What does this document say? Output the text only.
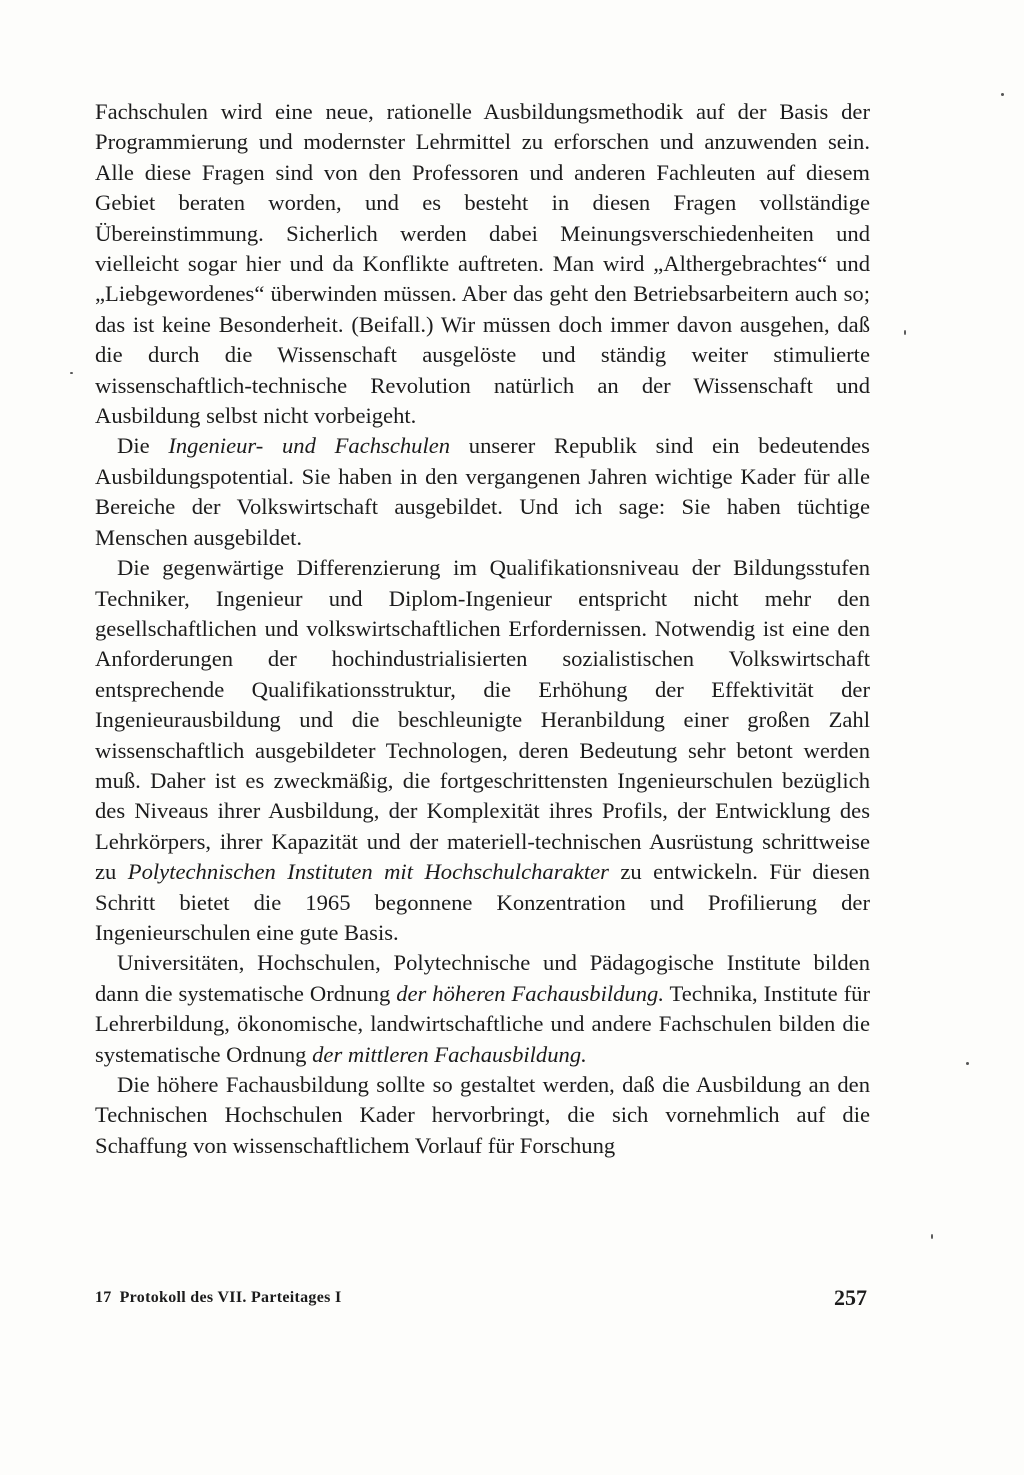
Fachschulen wird eine neue, rationelle Ausbildungsmethodik auf der Basis der Programmierung und modernster Lehrmittel zu erforschen und anzuwenden sein. Alle diese Fragen sind von den Professoren und anderen Fachleuten auf diesem Gebiet beraten worden, und es besteht in diesen Fragen vollständige Übereinstimmung. Sicherlich werden dabei Meinungsverschiedenheiten und vielleicht sogar hier und da Konflikte auftreten. Man wird „Althergebrachtes“ und „Liebgewordenes“ überwinden müssen. Aber das geht den Betriebsarbeitern auch so; das ist keine Besonderheit. (Beifall.) Wir müssen doch immer davon ausgehen, daß die durch die Wissenschaft ausgelöste und ständig weiter stimulierte wissenschaftlich-technische Revolution natürlich an der Wissenschaft und Ausbildung selbst nicht vorbeigeht.

Die Ingenieur- und Fachschulen unserer Republik sind ein bedeutendes Ausbildungspotential. Sie haben in den vergangenen Jahren wichtige Kader für alle Bereiche der Volkswirtschaft ausgebildet. Und ich sage: Sie haben tüchtige Menschen ausgebildet.

Die gegenwärtige Differenzierung im Qualifikationsniveau der Bildungsstufen Techniker, Ingenieur und Diplom-Ingenieur entspricht nicht mehr den gesellschaftlichen und volkswirtschaftlichen Erfordernissen. Notwendig ist eine den Anforderungen der hochindustrialisierten sozialistischen Volkswirtschaft entsprechende Qualifikationsstruktur, die Erhöhung der Effektivität der Ingenieurausbildung und die beschleunigte Heranbildung einer großen Zahl wissenschaftlich ausgebildeter Technologen, deren Bedeutung sehr betont werden muß. Daher ist es zweckmäßig, die fortgeschrittensten Ingenieurschulen bezüglich des Niveaus ihrer Ausbildung, der Komplexität ihres Profils, der Entwicklung des Lehrkörpers, ihrer Kapazität und der materiell-technischen Ausrüstung schrittweise zu Polytechnischen Instituten mit Hochschulcharakter zu entwickeln. Für diesen Schritt bietet die 1965 begonnene Konzentration und Profilierung der Ingenieurschulen eine gute Basis.

Universitäten, Hochschulen, Polytechnische und Pädagogische Institute bilden dann die systematische Ordnung der höheren Fachausbildung. Technika, Institute für Lehrerbildung, ökonomische, landwirtschaftliche und andere Fachschulen bilden die systematische Ordnung der mittleren Fachausbildung.

Die höhere Fachausbildung sollte so gestaltet werden, daß die Ausbildung an den Technischen Hochschulen Kader hervorbringt, die sich vornehmlich auf die Schaffung von wissenschaftlichem Vorlauf für Forschung

17 Protokoll des VII. Parteitages I	257
